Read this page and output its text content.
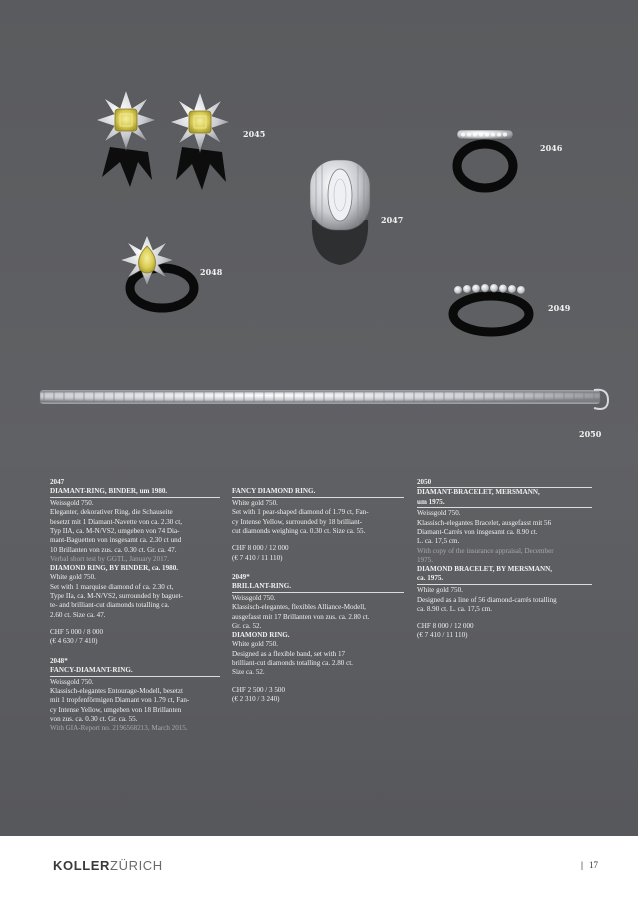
2045
2046
2047
2048
2049
2050

2047

DIAMANT-RING, BINDER, um 1980.

Weissgold 750.

Eleganter, dekorativer Ring, die Schauseite

besetzt mit 1 Diamant-Navette von ca. 2.30 ct,

Typ IIA, ca. M-N/VS2, umgeben von 74 Dia-

mant-Baguetten von insgesamt ca. 2.30 ct und

10 Brillanten von zus. ca. 0.30 ct. Gr. ca. 47.

Verbal short test by GGTL, January 2017.

DIAMOND RING, BY BINDER, ca. 1980.

White gold 750.

Set with 1 marquise diamond of ca. 2.30 ct,

Type IIa, ca. M-N/VS2, surrounded by baguet-

te- and brilliant-cut diamonds totalling ca.

2.60 ct. Size ca. 47.

CHF 5 000 / 8 000

(€ 4 630 / 7 410)

2048*

FANCY-DIAMANT-RING.

Weissgold 750.

Klassisch-elegantes Entourage-Modell, besetzt

mit 1 tropfenförmigen Diamant von 1.79 ct, Fan-

cy Intense Yellow, umgeben von 18 Brillanten

von zus. ca. 0.30 ct. Gr. ca. 55.

With GIA-Report no. 2196568213, March 2015.

FANCY DIAMOND RING.

White gold 750.

Set with 1 pear-shaped diamond of 1.79 ct, Fan-

cy Intense Yellow, surrounded by 18 brilliant-

cut diamonds weighing ca. 0.30 ct. Size ca. 55.

CHF 8 000 / 12 000

(€ 7 410 / 11 110)

2049*

BRILLANT-RING.

Weissgold 750.

Klassisch-elegantes, flexibles Alliance-Modell,

ausgefasst mit 17 Brillanten von zus. ca. 2.80 ct.

Gr. ca. 52.

DIAMOND RING.

White gold 750.

Designed as a flexible band, set with 17

brilliant-cut diamonds totalling ca. 2.80 ct.

Size ca. 52.

CHF 2 500 / 3 500

(€ 2 310 / 3 240)

2050

DIAMANT-BRACELET, MERSMANN,

um 1975.

Weissgold 750.

Klassisch-elegantes Bracelet, ausgefasst mit 56

Diamant-Carrés von insgesamt ca. 8.90 ct.

L. ca. 17,5 cm.

With copy of the insurance appraisal, December

1975.

DIAMOND BRACELET, BY MERSMANN,

ca. 1975.

White gold 750.

Designed as a line of 56 diamond-carrés totalling

ca. 8.90 ct. L. ca. 17,5 cm.

CHF 8 000 / 12 000

(€ 7 410 / 11 110)

KOLLERZÜRICH	| 17
